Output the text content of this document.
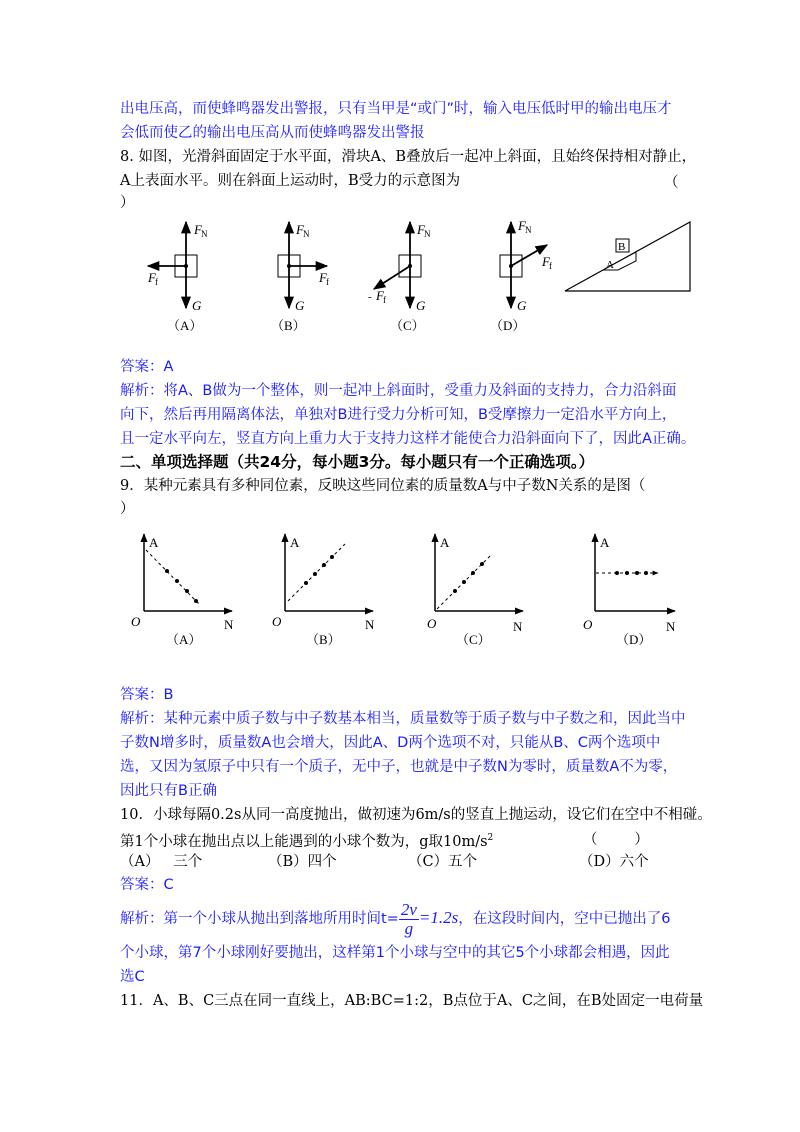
出电压高，而使蜂鸣器发出警报，只有当甲是“或门”时，输入电压低时甲的输出电压才
会低而使乙的输出电压高从而使蜂鸣器发出警报
8. 如图，光滑斜面固定于水平面，滑块A、B叠放后一起冲上斜面，且始终保持相对静止，
A上表面水平。则在斜面上运动时，B受力的示意图为	（
）
F N
F f
G
（A）
F N
F f
G
（B）
F N
- F f G
（C）
F N
F f
G
（D）
A
B
答案：A
解析：将A、B做为一个整体，则一起冲上斜面时，受重力及斜面的支持力，合力沿斜面
向下，然后再用隔离体法，单独对B进行受力分析可知，B受摩擦力一定沿水平方向上，
且一定水平向左，竖直方向上重力大于支持力这样才能使合力沿斜面向下了，因此A正确。
二、单项选择题（共24分，每小题3分。每小题只有一个正确选项。）
9．某种元素具有多种同位素，反映这些同位素的质量数A与中子数N关系的是图（
）
A
N
O
（A）
A
N
O
（B）
A
N
O
（C）
A
N
O
（D）
答案：B
解析：某种元素中质子数与中子数基本相当，质量数等于质子数与中子数之和，因此当中
子数N增多时，质量数A也会增大，因此A、D两个选项不对，只能从B、C两个选项中
选，又因为氢原子中只有一个质子，无中子，也就是中子数N为零时，质量数A不为零，
因此只有B正确
10．小球每隔0.2s从同一高度抛出，做初速为6m/s的竖直上抛运动，设它们在空中不相碰。
第1个小球在抛出点以上能遇到的小球个数为，g取$10m/s^2$	（        ）
（A）   三个	（B）四个	（C）五个	（D）六个
答案：C
解析：第一个小球从抛出到落地所用时间$t= \frac{2v}{g} =1.2s$，在这段时间内，空中已抛出了6
个小球，第7个小球刚好要抛出，这样第1个小球与空中的其它5个小球都会相遇，因此
选C
11．A、B、C三点在同一直线上，AB:BC=1:2，B点位于A、C之间，在B处固定一电荷量
